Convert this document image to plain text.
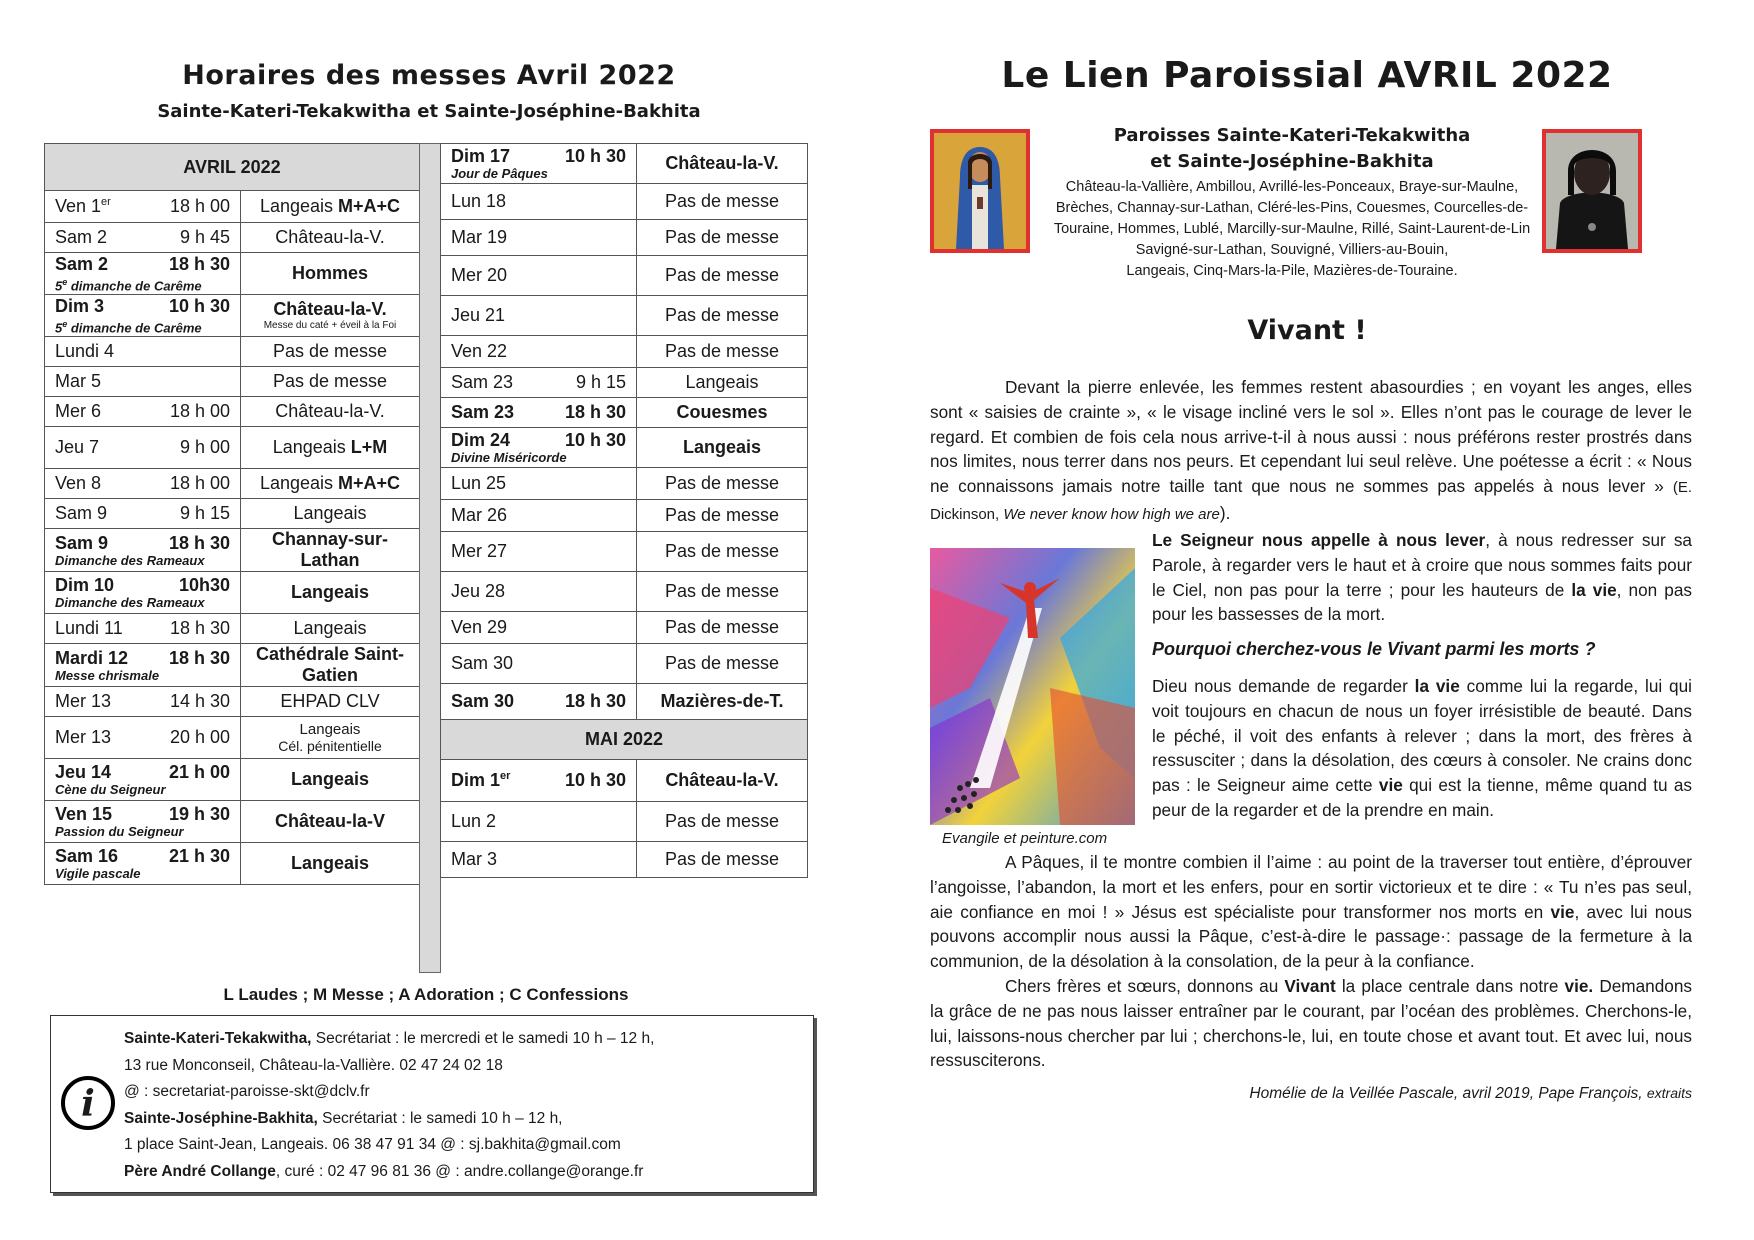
Horaires des messes Avril 2022
Sainte-Kateri-Tekakwitha et Sainte-Joséphine-Bakhita
AVRIL 2022	

Ven 1er 18 h 00	Langeais M+A+C

Sam 2 9 h 45	Château-la-V.

Sam 2 18 h 30
5e dimanche de Carême	Hommes

Dim 3 10 h 30
5e dimanche de Carême	Château-la-V.
Messe du caté + éveil à la Foi

Lundi 4	Pas de messe

Mar 5	Pas de messe

Mer 6 18 h 00	Château-la-V.

Jeu 7 9 h 00	Langeais L+M

Ven 8 18 h 00	Langeais M+A+C

Sam 9 9 h 15	Langeais

Sam 9 18 h 30
Dimanche des Rameaux	Channay-sur-Lathan

Dim 10 10h30
Dimanche des Rameaux	Langeais

Lundi 11 18 h 30	Langeais

Mardi 12 18 h 30
Messe chrismale	Cathédrale Saint-Gatien

Mer 13 14 h 30	EHPAD CLV

Mer 13 20 h 00	Langeais
Cél. pénitentielle

Jeu 14 21 h 00
Cène du Seigneur	Langeais

Ven 15 19 h 30
Passion du Seigneur	Château-la-V

Sam 16 21 h 30
Vigile pascale	Langeais
Dim 17 10 h 30
Jour de Pâques	Château-la-V.

Lun 18	Pas de messe

Mar 19	Pas de messe

Mer 20	Pas de messe

Jeu 21	Pas de messe

Ven 22	Pas de messe

Sam 23 9 h 15	Langeais

Sam 23 18 h 30	Couesmes

Dim 24 10 h 30
Divine Miséricorde	Langeais

Lun 25	Pas de messe

Mar 26	Pas de messe

Mer 27	Pas de messe

Jeu 28	Pas de messe

Ven 29	Pas de messe

Sam 30	Pas de messe

Sam 30 18 h 30	Mazières-de-T.
MAI 2022	

Dim 1er 10 h 30	Château-la-V.

Lun 2	Pas de messe

Mar 3	Pas de messe
L Laudes ; M Messe ; A Adoration ; C Confessions
i
Sainte-Kateri-Tekakwitha, Secrétariat : le mercredi et le samedi 10 h – 12 h,
13 rue Monconseil, Château-la-Vallière. 02 47 24 02 18
@ : secretariat-paroisse-skt@dclv.fr
Sainte-Joséphine-Bakhita, Secrétariat : le samedi 10 h – 12 h,
1 place Saint-Jean, Langeais. 06 38 47 91 34 @ : sj.bakhita@gmail.com
Père André Collange, curé : 02 47 96 81 36 @ : andre.collange@orange.fr
Le Lien Paroissial AVRIL 2022
Paroisses Sainte-Kateri-Tekakwitha
et Sainte-Joséphine-Bakhita
Château-la-Vallière, Ambillou, Avrillé-les-Ponceaux, Braye-sur-Maulne,
Brèches, Channay-sur-Lathan, Cléré-les-Pins, Couesmes, Courcelles-de-
Touraine, Hommes, Lublé, Marcilly-sur-Maulne, Rillé, Saint-Laurent-de-Lin
Savigné-sur-Lathan, Souvigné, Villiers-au-Bouin,
Langeais, Cinq-Mars-la-Pile, Mazières-de-Touraine.
Vivant !

Devant la pierre enlevée, les femmes restent abasourdies ; en voyant les anges, elles sont « saisies de crainte », « le visage incliné vers le sol ». Elles n’ont pas le courage de lever le regard. Et combien de fois cela nous arrive-t-il à nous aussi : nous préférons rester prostrés dans nos limites, nous terrer dans nos peurs. Et cependant lui seul relève. Une poétesse a écrit : « Nous ne connaissons jamais notre taille tant que nous ne sommes pas appelés à nous lever » (E. Dickinson, We never know how high we are).

Evangile et peinture.com

Le Seigneur nous appelle à nous lever, à nous redresser sur sa Parole, à regarder vers le haut et à croire que nous sommes faits pour le Ciel, non pas pour la terre ; pour les hauteurs de la vie, non pas pour les bassesses de la mort.

Pourquoi cherchez-vous le Vivant parmi les morts ?

Dieu nous demande de regarder la vie comme lui la regarde, lui qui voit toujours en chacun de nous un foyer irrésistible de beauté. Dans le péché, il voit des enfants à relever ; dans la mort, des frères à ressusciter ; dans la désolation, des cœurs à consoler. Ne crains donc pas : le Seigneur aime cette vie qui est la tienne, même quand tu as peur de la regarder et de la prendre en main.

A Pâques, il te montre combien il l’aime : au point de la traverser tout entière, d’éprouver l’angoisse, l’abandon, la mort et les enfers, pour en sortir victorieux et te dire : « Tu n’es pas seul, aie confiance en moi ! » Jésus est spécialiste pour transformer nos morts en vie, avec lui nous pouvons accomplir nous aussi la Pâque, c’est-à-dire le passage·: passage de la fermeture à la communion, de la désolation à la consolation, de la peur à la confiance.

Chers frères et sœurs, donnons au Vivant la place centrale dans notre vie. Demandons la grâce de ne pas nous laisser entraîner par le courant, par l’océan des problèmes. Cherchons-le, lui, laissons-nous chercher par lui ; cherchons-le, lui, en toute chose et avant tout. Et avec lui, nous ressusciterons.

Homélie de la Veillée Pascale, avril 2019, Pape François, extraits
